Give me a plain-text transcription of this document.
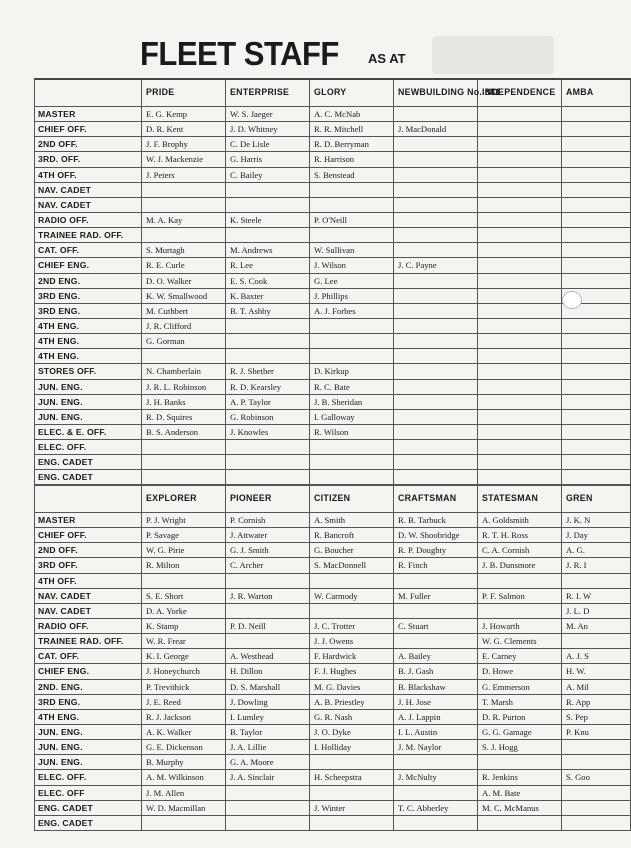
FLEET STAFF AS AT
	PRIDE	ENTERPRISE	GLORY	NEWBUILDING No. 881	INDEPENDENCE	AMBA
MASTER	E. G. Kemp	W. S. Jaeger	A. C. McNab			
CHIEF OFF.	D. R. Kent	J. D. Whitney	R. R. Mitchell	J. MacDonald		
2ND OFF.	J. F. Brophy	C. De Lisle	R. D. Berryman			
3RD. OFF.	W. J. Mackenzie	G. Harris	R. Harrison			
4TH OFF.	J. Peters	C. Bailey	S. Benstead			
NAV. CADET						
NAV. CADET						
RADIO OFF.	M. A. Kay	K. Steele	P. O'Neill			
TRAINEE RAD. OFF.						
CAT. OFF.	S. Murtagh	M. Andrews	W. Sullivan			
CHIEF ENG.	R. E. Curle	R. Lee	J. Wilson	J. C. Payne		
2ND ENG.	D. O. Walker	E. S. Cook	G. Lee			
3RD ENG.	K. W. Smallwood	K. Baxter	J. Phillips			
3RD ENG.	M. Cuthbert	B. T. Ashby	A. J. Forbes			
4TH ENG.	J. R. Clifford					
4TH ENG.	G. Gorman					
4TH ENG.						
STORES OFF.	N. Chamberlain	R. J. Shether	D. Kirkup			
JUN. ENG.	J. R. L. Robinson	R. D. Kearsley	R. C. Bate			
JUN. ENG.	J. H. Banks	A. P. Taylor	J. B. Sheridan			
JUN. ENG.	R. D. Squires	G. Robinson	I. Galloway			
ELEC. & E. OFF.	B. S. Anderson	J. Knowles	R. Wilson			
ELEC. OFF.						
ENG. CADET						
ENG. CADET						
	EXPLORER	PIONEER	CITIZEN	CRAFTSMAN	STATESMAN	GREN
MASTER	P. J. Wright	P. Cornish	A. Smith	R. B. Tarbuck	A. Goldsmith	J. K. N
CHIEF OFF.	P. Savage	J. Attwater	R. Bancroft	D. W. Shoobridge	R. T. H. Ross	J. Day
2ND OFF.	W. G. Pirie	G. J. Smith	G. Boucher	R. P. Doughty	C. A. Cornish	A. G.
3RD OFF.	R. Milton	C. Archer	S. MacDonnell	R. Finch	J. B. Dunsmore	J. R. I
4TH OFF.						
NAV. CADET	S. E. Short	J. R. Warton	W. Carmody	M. Fuller	P. F. Salmon	R. I. W
NAV. CADET	D. A. Yorke					J. L. D
RADIO OFF.	K. Stamp	P. D. Neill	J. C. Trotter	C. Stuart	J. Howarth	M. An
TRAINEE RAD. OFF.	W. R. Frear		J. J. Owens		W. G. Clements	
CAT. OFF.	K. I. George	A. Westhead	F. Hardwick	A. Bailey	E. Carney	A. J. S
CHIEF ENG.	J. Honeychurch	H. Dillon	F. J. Hughes	B. J. Gash	D. Howe	H. W.
2ND. ENG.	P. Trevithick	D. S. Marshall	M. G. Davies	B. Blackshaw	G. Emmerson	A. Mil
3RD ENG.	J. E. Reed	J. Dowling	A. B. Priestley	J. H. Jose	T. Marsh	R. App
4TH ENG.	R. J. Jackson	I. Lumley	G. R. Nash	A. J. Lappin	D. R. Purton	S. Pep
JUN. ENG.	A. K. Walker	B. Taylor	J. O. Dyke	I. L. Austin	G. G. Gamage	P. Knu
JUN. ENG.	G. E. Dickenson	J. A. Lillie	I. Holliday	J. M. Naylor	S. J. Hogg	
JUN. ENG.	B. Murphy	G. A. Moore				
ELEC. OFF.	A. M. Wilkinson	J. A. Sinclair	H. Scheepstra	J. McNulty	R. Jenkins	S. Goo
ELEC. OFF	J. M. Allen				A. M. Bate	
ENG. CADET	W. D. Macmillan		J. Winter	T. C. Abberley	M. C. McManus	
ENG. CADET						
